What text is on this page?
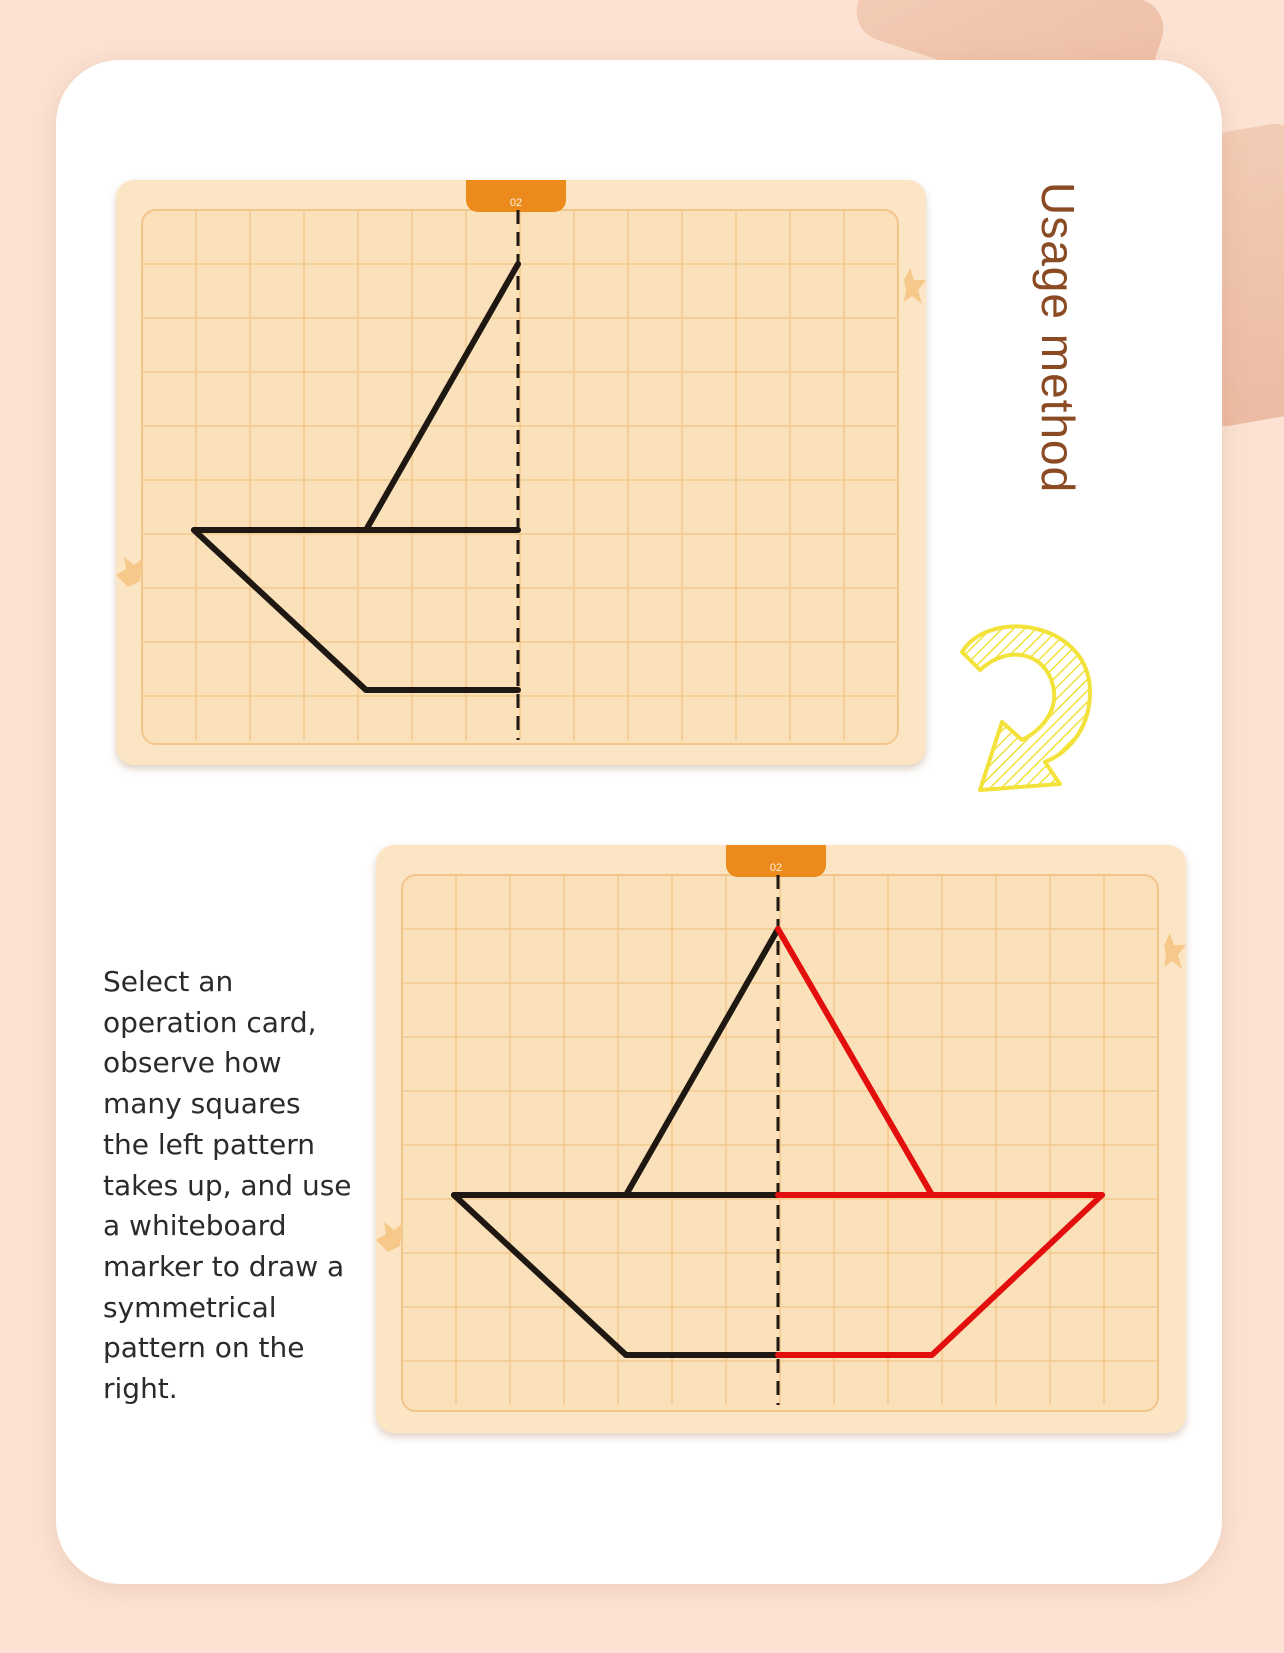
Usage method
02
02
Select an operation card, observe how many squares the left pattern takes up, and use a whiteboard marker to draw a symmetrical pattern on the right.
